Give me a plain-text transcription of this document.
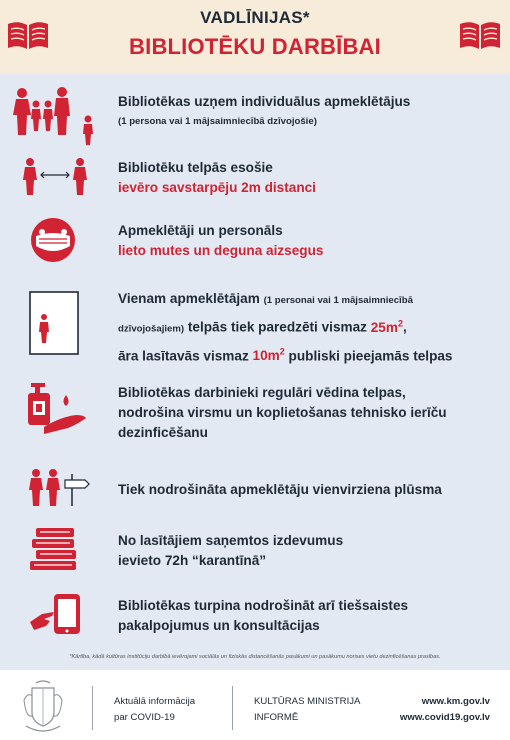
VADLĪNIJAS*
BIBLIOTĒKU DARBĪBAI
Bibliotēkas uzņem individuālus apmeklētājus
(1 persona vai 1 mājsaimniecībā dzīvojošie)
Bibliotēku telpās esošie
ievēro savstarpēju 2m distanci
Apmeklētāji un personāls
lieto mutes un deguna aizsegus
Vienam apmeklētājam (1 personai vai 1 mājsaimniecībā
dzīvojošajiem) telpās tiek paredzēti vismaz $25m^2$,
āra lasītavās vismaz $10m^2$ publiski pieejamās telpas
Bibliotēkas darbinieki regulāri vēdina telpas,
nodrošina virsmu un koplietošanas tehnisko ierīču
dezinficēšanu
Tiek nodrošināta apmeklētāju vienvirziena plūsma
No lasītājiem saņemtos izdevumus
ievieto 72h “karantīnā”
Bibliotēkas turpina nodrošināt arī tiešsaistes
pakalpojumus un konsultācijas
*Kārtība, kādā kultūras institūciju darbībā ievērojami sociālās un fiziskās distancēšanās pasākumi un pasākumu norises vietu dezinficēšanas prasības.
Aktuālā informācija
par COVID-19
KULTŪRAS MINISTRIJA
INFORMĒ
www.km.gov.lv
www.covid19.gov.lv
